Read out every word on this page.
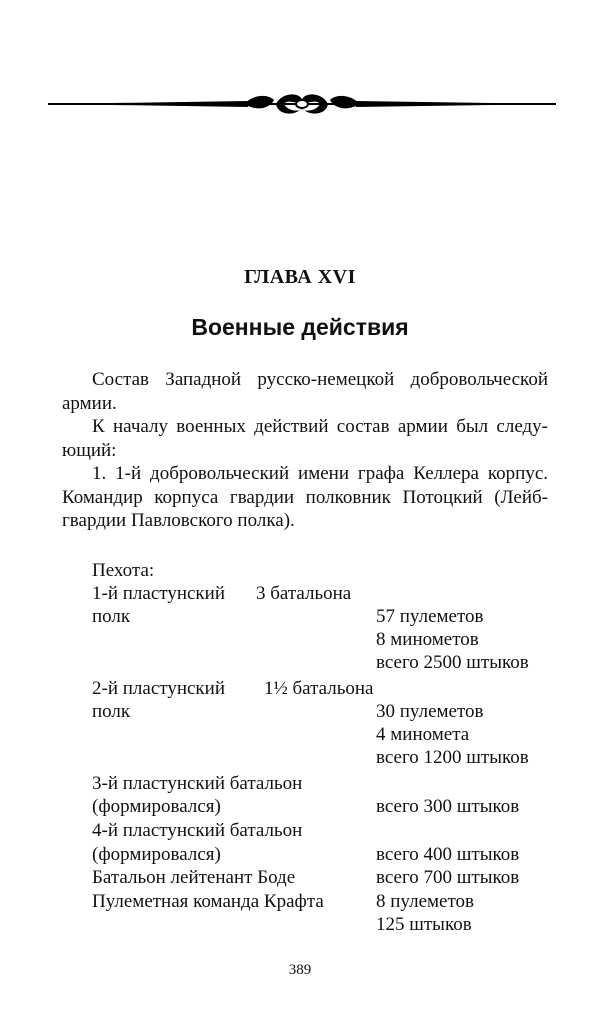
ГЛАВА XVI
Военные действия

Состав Западной русско-немецкой добровольческой

армии.

К началу военных действий состав армии был следу-

ющий:

1. 1-й добровольческий имени графа Келлера корпус.

Командир корпуса гвардии полковник Потоцкий (Лейб-

гвардии Павловского полка).

Пехота:
1-й пластунский 3 батальона
полк	57 пулеметов
8 минометов
всего 2500 штыков
2-й пластунский 1½ батальона
полк	30 пулеметов
4 миномета
всего 1200 штыков
3-й пластунский батальон
(формировался)	всего 300 штыков
4-й пластунский батальон
(формировался)	всего 400 штыков
Батальон лейтенант Боде	всего 700 штыков
Пулеметная команда Крафта	8 пулеметов
125 штыков
389
